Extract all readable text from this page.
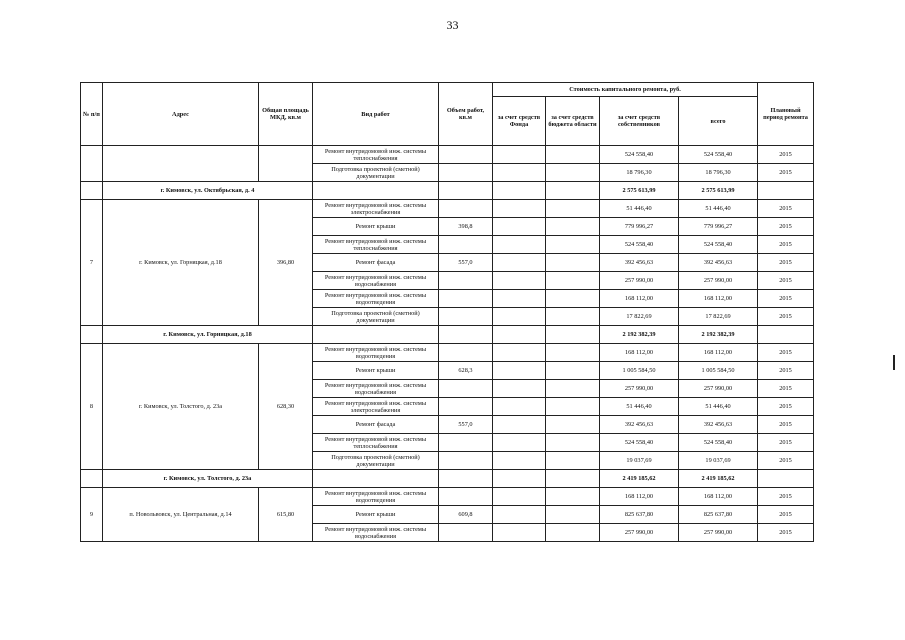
33
№ п/п	Адрес	Общая площадь МКД, кв.м	Вид работ	Объем работ, кв.м	Стоимость капитального ремонта, руб.				Плановый период ремонта
					за счет средств Фонда	за счет средств бюджета области	за счет средств собственников	всего	
			Ремонт внутридомовой инж. системы теплоснабжения				524 558,40	524 558,40	2015
			Подготовка проектной (сметной) документации				18 796,30	18 796,30	2015
	г. Кимовск, ул. Октябрьская, д. 4						2 575 613,99	2 575 613,99	
7	г. Кимовск, ул. Горняцкая, д.18	396,80	Ремонт внутридомовой инж. системы электроснабжения				51 446,40	51 446,40	2015
			Ремонт крыши	398,8			779 996,27	779 996,27	2015
			Ремонт внутридомовой инж. системы теплоснабжения				524 558,40	524 558,40	2015
			Ремонт фасада	557,0			392 456,63	392 456,63	2015
			Ремонт внутридомовой инж. системы водоснабжения				257 990,00	257 990,00	2015
			Ремонт внутридомовой инж. системы водоотведения				168 112,00	168 112,00	2015
			Подготовка проектной (сметной) документации				17 822,69	17 822,69	2015
	г. Кимовск, ул. Горняцкая, д.18						2 192 382,39	2 192 382,39	
8	г. Кимовск, ул. Толстого, д. 23а	628,30	Ремонт внутридомовой инж. системы водоотведения				168 112,00	168 112,00	2015
			Ремонт крыши	628,3			1 005 584,50	1 005 584,50	2015
			Ремонт внутридомовой инж. системы водоснабжения				257 990,00	257 990,00	2015
			Ремонт внутридомовой инж. системы электроснабжения				51 446,40	51 446,40	2015
			Ремонт фасада	557,0			392 456,63	392 456,63	2015
			Ремонт внутридомовой инж. системы теплоснабжения				524 558,40	524 558,40	2015
			Подготовка проектной (сметной) документации				19 037,69	19 037,69	2015
	г. Кимовск, ул. Толстого, д. 23а						2 419 185,62	2 419 185,62	
9	п. Новольвовск, ул. Центральная, д.14	615,80	Ремонт внутридомовой инж. системы водоотведения				168 112,00	168 112,00	2015
			Ремонт крыши	609,8			825 637,80	825 637,80	2015
			Ремонт внутридомовой инж. системы водоснабжения				257 990,00	257 990,00	2015
